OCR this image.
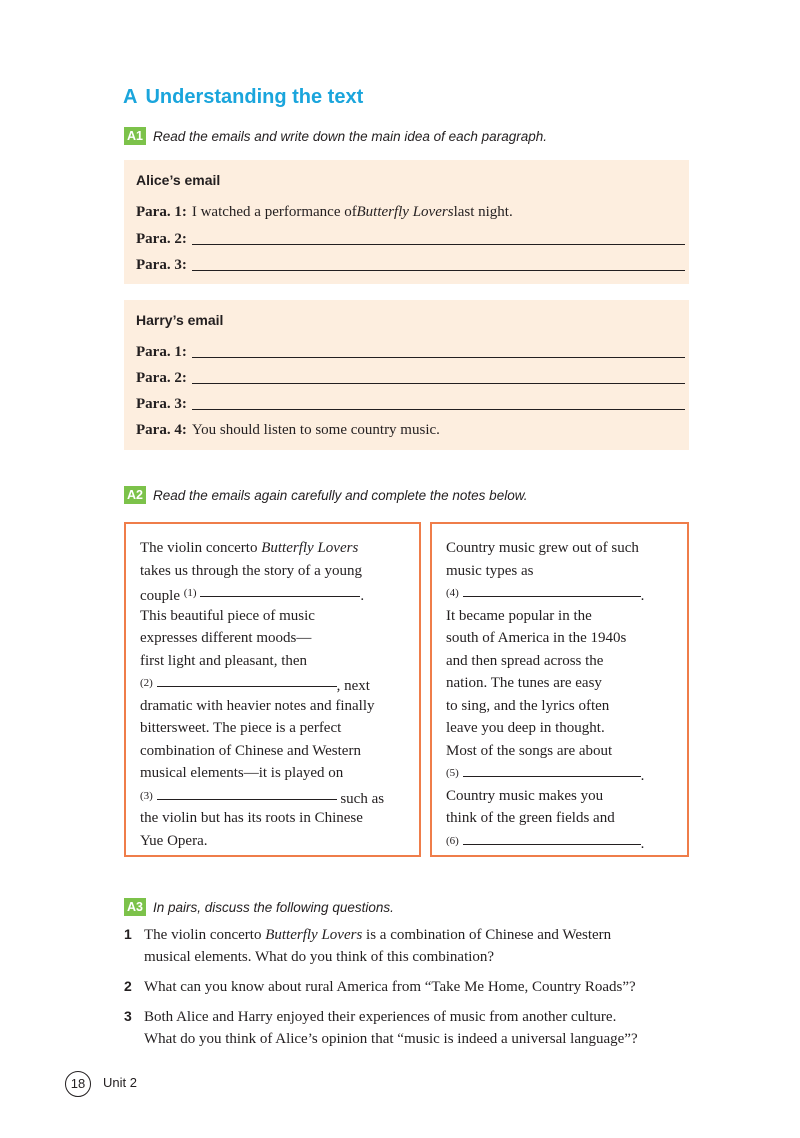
A Understanding the text
A1 Read the emails and write down the main idea of each paragraph.
Alice’s email
Para. 1: I watched a performance of
Butterfly Lovers last night.
Para. 2:
Para. 3:
Harry’s email
Para. 1:
Para. 2:
Para. 3:
Para. 4: You should listen to some country music.
A2 Read the emails again carefully and complete the notes below.
The violin concerto Butterfly Lovers
takes us through the story of a young
couple $^{(1)}$	.
This beautiful piece of music
expresses different moods—
first light and pleasant, then
$^{(2)}$	, next
dramatic with heavier notes and finally
bittersweet. The piece is a perfect
combination of Chinese and Western
musical elements—it is played on
$^{(3)}$	such as
the violin but has its roots in Chinese
Yue Opera.
Country music grew out of such
music types as
$^{(4)}$	.
It became popular in the
south of America in the 1940s
and then spread across the
nation. The tunes are easy
to sing, and the lyrics often
leave you deep in thought.
Most of the songs are about
$^{(5)}$	.
Country music makes you
think of the green fields and
$^{(6)}$	.
A3 In pairs, discuss the following questions.
1 The violin concerto Butterfly Lovers is a combination of Chinese and Western
musical elements. What do you think of this combination?
2 What can you know about rural America from “Take Me Home, Country Roads”?
3 Both Alice and Harry enjoyed their experiences of music from another culture.
What do you think of Alice’s opinion that “music is indeed a universal language”?
18	Unit 2
